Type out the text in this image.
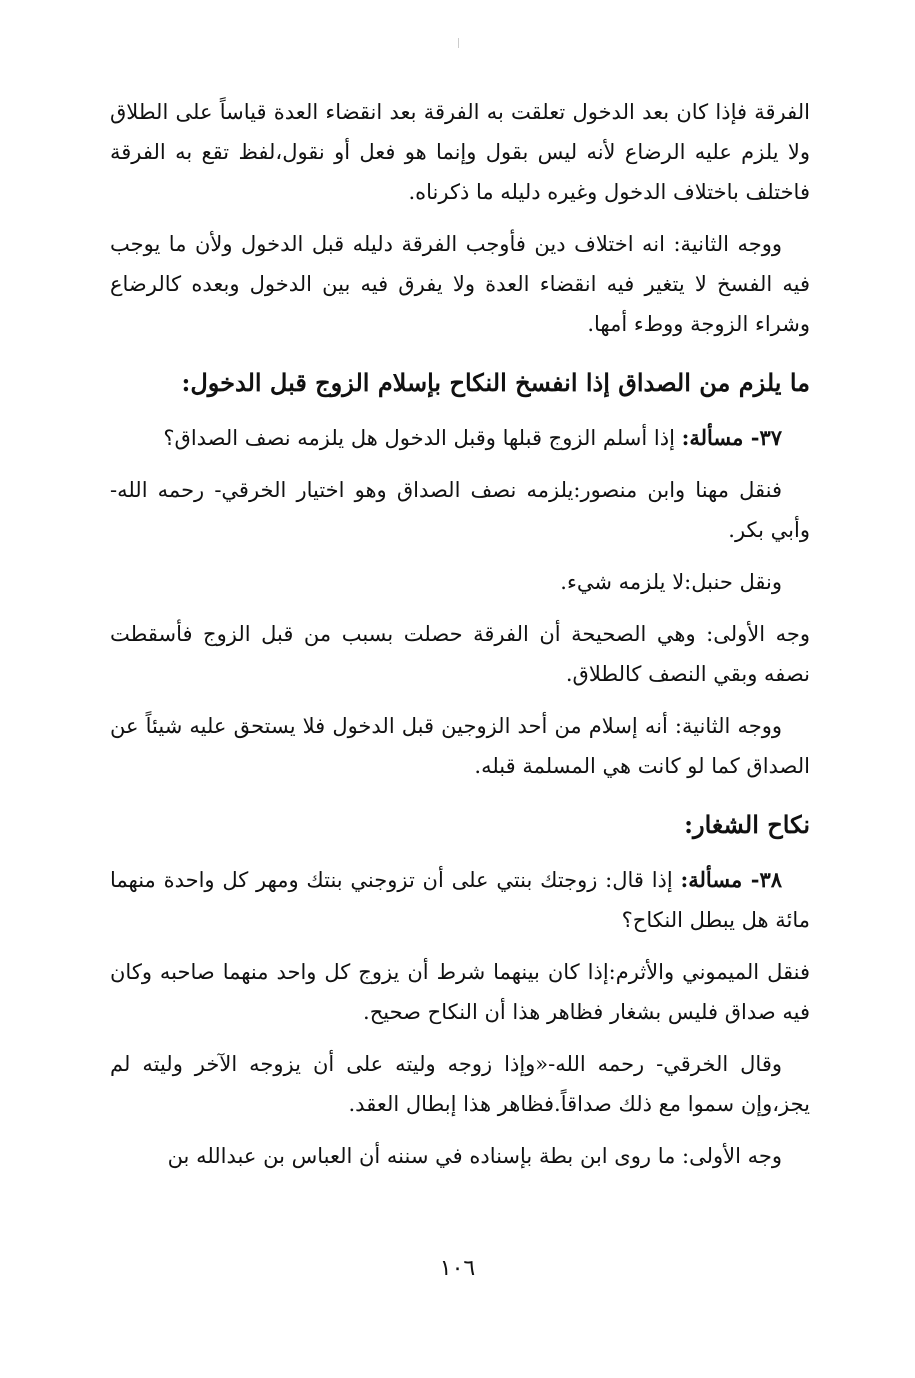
الفرقة فإذا كان بعد الدخول تعلقت به الفرقة بعد انقضاء العدة قياساً على الطلاق ولا يلزم عليه الرضاع لأنه ليس بقول وإنما هو فعل أو نقول،لفظ تقع به الفرقة فاختلف باختلاف الدخول وغيره دليله ما ذكرناه.

ووجه الثانية: انه اختلاف دين فأوجب الفرقة دليله قبل الدخول ولأن ما يوجب فيه الفسخ لا يتغير فيه انقضاء العدة ولا يفرق فيه بين الدخول وبعده كالرضاع وشراء الزوجة ووطء أمها.

ما يلزم من الصداق إذا انفسخ النكاح بإسلام الزوج قبل الدخول:

٣٧- مسألة: إذا أسلم الزوج قبلها وقبل الدخول هل يلزمه نصف الصداق؟

فنقل مهنا وابن منصور:يلزمه نصف الصداق وهو اختيار الخرقي- رحمه الله- وأبي بكر.

ونقل حنبل:لا يلزمه شيء.

وجه الأولى: وهي الصحيحة أن الفرقة حصلت بسبب من قبل الزوج فأسقطت نصفه وبقي النصف كالطلاق.

ووجه الثانية: أنه إسلام من أحد الزوجين قبل الدخول فلا يستحق عليه شيئاً عن الصداق كما لو كانت هي المسلمة قبله.

نكاح الشغار:

٣٨- مسألة: إذا قال: زوجتك بنتي على أن تزوجني بنتك ومهر كل واحدة منهما مائة هل يبطل النكاح؟

فنقل الميموني والأثرم:إذا كان بينهما شرط أن يزوج كل واحد منهما صاحبه وكان فيه صداق فليس بشغار فظاهر هذا أن النكاح صحيح.

وقال الخرقي- رحمه الله-«وإذا زوجه وليته على أن يزوجه الآخر وليته لم يجز،وإن سموا مع ذلك صداقاً.فظاهر هذا إبطال العقد.

وجه الأولى: ما روى ابن بطة بإسناده في سننه أن العباس بن عبدالله بن

١٠٦
